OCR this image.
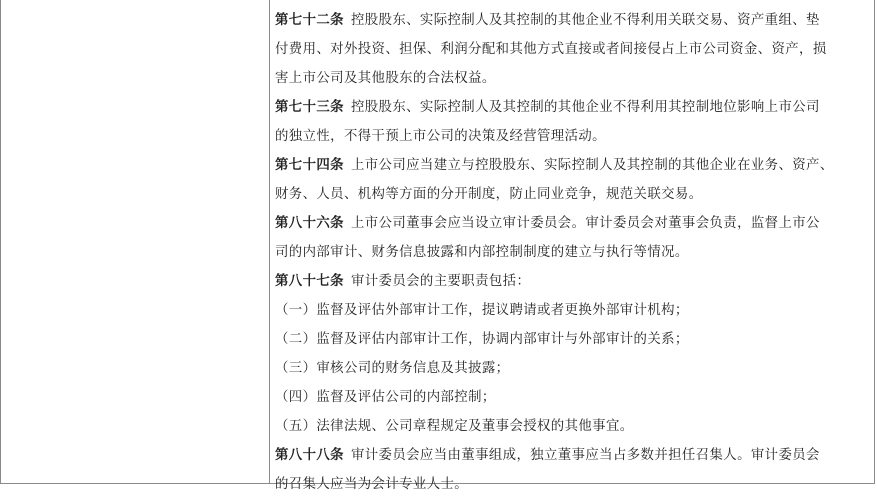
第七十二条 控股股东、实际控制人及其控制的其他企业不得利用关联交易、资产重组、垫
付费用、对外投资、担保、利润分配和其他方式直接或者间接侵占上市公司资金、资产，损
害上市公司及其他股东的合法权益。
第七十三条 控股股东、实际控制人及其控制的其他企业不得利用其控制地位影响上市公司
的独立性，不得干预上市公司的决策及经营管理活动。
第七十四条 上市公司应当建立与控股股东、实际控制人及其控制的其他企业在业务、资产、
财务、人员、机构等方面的分开制度，防止同业竞争，规范关联交易。
第八十六条 上市公司董事会应当设立审计委员会。审计委员会对董事会负责，监督上市公
司的内部审计、财务信息披露和内部控制制度的建立与执行等情况。
第八十七条 审计委员会的主要职责包括：
（一）监督及评估外部审计工作，提议聘请或者更换外部审计机构；
（二）监督及评估内部审计工作，协调内部审计与外部审计的关系；
（三）审核公司的财务信息及其披露；
（四）监督及评估公司的内部控制；
（五）法律法规、公司章程规定及董事会授权的其他事宜。
第八十八条 审计委员会应当由董事组成，独立董事应当占多数并担任召集人。审计委员会
的召集人应当为会计专业人士。
